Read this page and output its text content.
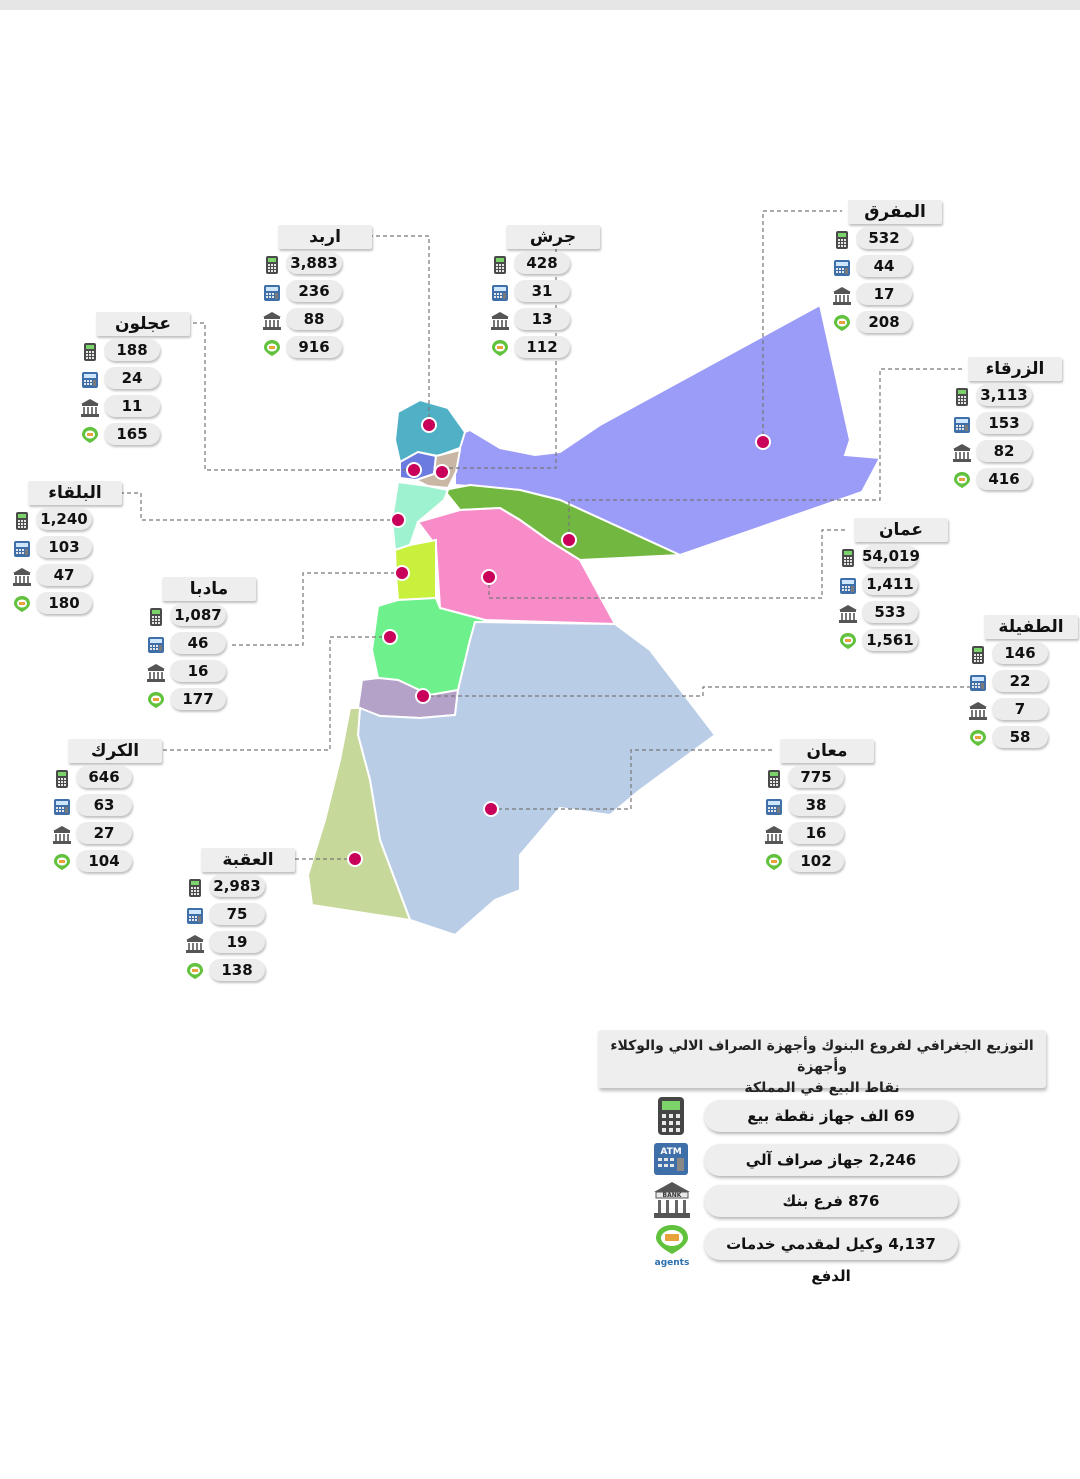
المفرق
532
44
17
208
اربد
3,883
236
88
916
جرش
428
31
13
112
عجلون
188
24
11
165
الزرقاء
3,113
153
82
416
البلقاء
1,240
103
47
180
عمان
54,019
1,411
533
1,561
مادبا
1,087
46
16
177
الطفيلة
146
22
7
58
الكرك
646
63
27
104
معان
775
38
16
102
العقبة
2,983
75
19
138
التوزيع الجغرافي لفروع البنوك وأجهزة الصراف الالي والوكلاء وأجهزة
نقاط البيع في المملكة
69 الف جهاز نقطة بيع
ATM	2,246 جهاز صراف آلي
BANK	876 فرع بنك
agents
4,137 وكيل لمقدمي خدمات الدفع
